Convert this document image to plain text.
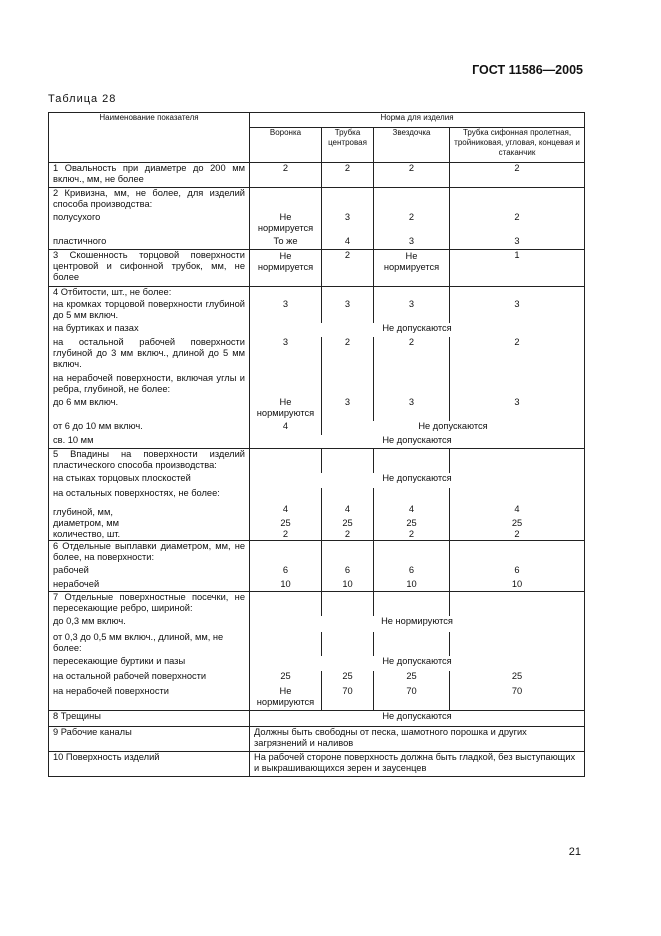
ГОСТ 11586—2005
Таблица 28
Наименование показателя	Норма для изделия			
	Воронка	Трубка центровая	Звездочка	Трубка сифонная пролетная, тройниковая, угловая, концевая и стаканчик
1 Овальность при диаметре до 200 мм включ., мм, не более	2	2	2	2
2 Кривизна, мм, не более, для изделий способа производства:				
полусухого	Не нормируется	3	2	2
пластичного	То же	4	3	3
3 Скошенность торцовой поверхности центровой и сифонной трубок, мм, не более	Не нормируется	2	Не нормируется	1
4 Отбитости, шт., не более:				
на кромках торцовой поверхности глубиной до 5 мм включ.	3	3	3	3
на буртиках и пазах	Не допускаются			
на остальной рабочей поверхности глубиной до 3 мм включ., длиной до 5 мм включ.	3	2	2	2
на нерабочей поверхности, включая углы и ребра, глубиной, не более:				
до 6 мм включ.	Не нормируются	3	3	3
от 6 до 10 мм включ.	4	Не допускаются		
св. 10 мм	Не допускаются			
5 Впадины на поверхности изделий пластического способа производства:				
на стыках торцовых плоскостей	Не допускаются			
на остальных поверхностях, не более:				
глубиной, мм,	4	4	4	4
диаметром, мм	25	25	25	25
количество, шт.	2	2	2	2
6 Отдельные выплавки диаметром, мм, не более, на поверхности:				
рабочей	6	6	6	6
нерабочей	10	10	10	10
7 Отдельные поверхностные посечки, не пересекающие ребро, шириной:				
до 0,3 мм включ.	Не нормируются			
от 0,3 до 0,5 мм включ., длиной, мм, не более:				
пересекающие буртики и пазы	Не допускаются			
на остальной рабочей поверхности	25	25	25	25
на нерабочей поверхности	Не нормируются	70	70	70
8 Трещины	Не допускаются			
9 Рабочие каналы	Должны быть свободны от песка, шамотного порошка и других загрязнений и наливов			
10 Поверхность изделий	На рабочей стороне поверхность должна быть гладкой, без выступающих и выкрашивающихся зерен и заусенцев			
21
